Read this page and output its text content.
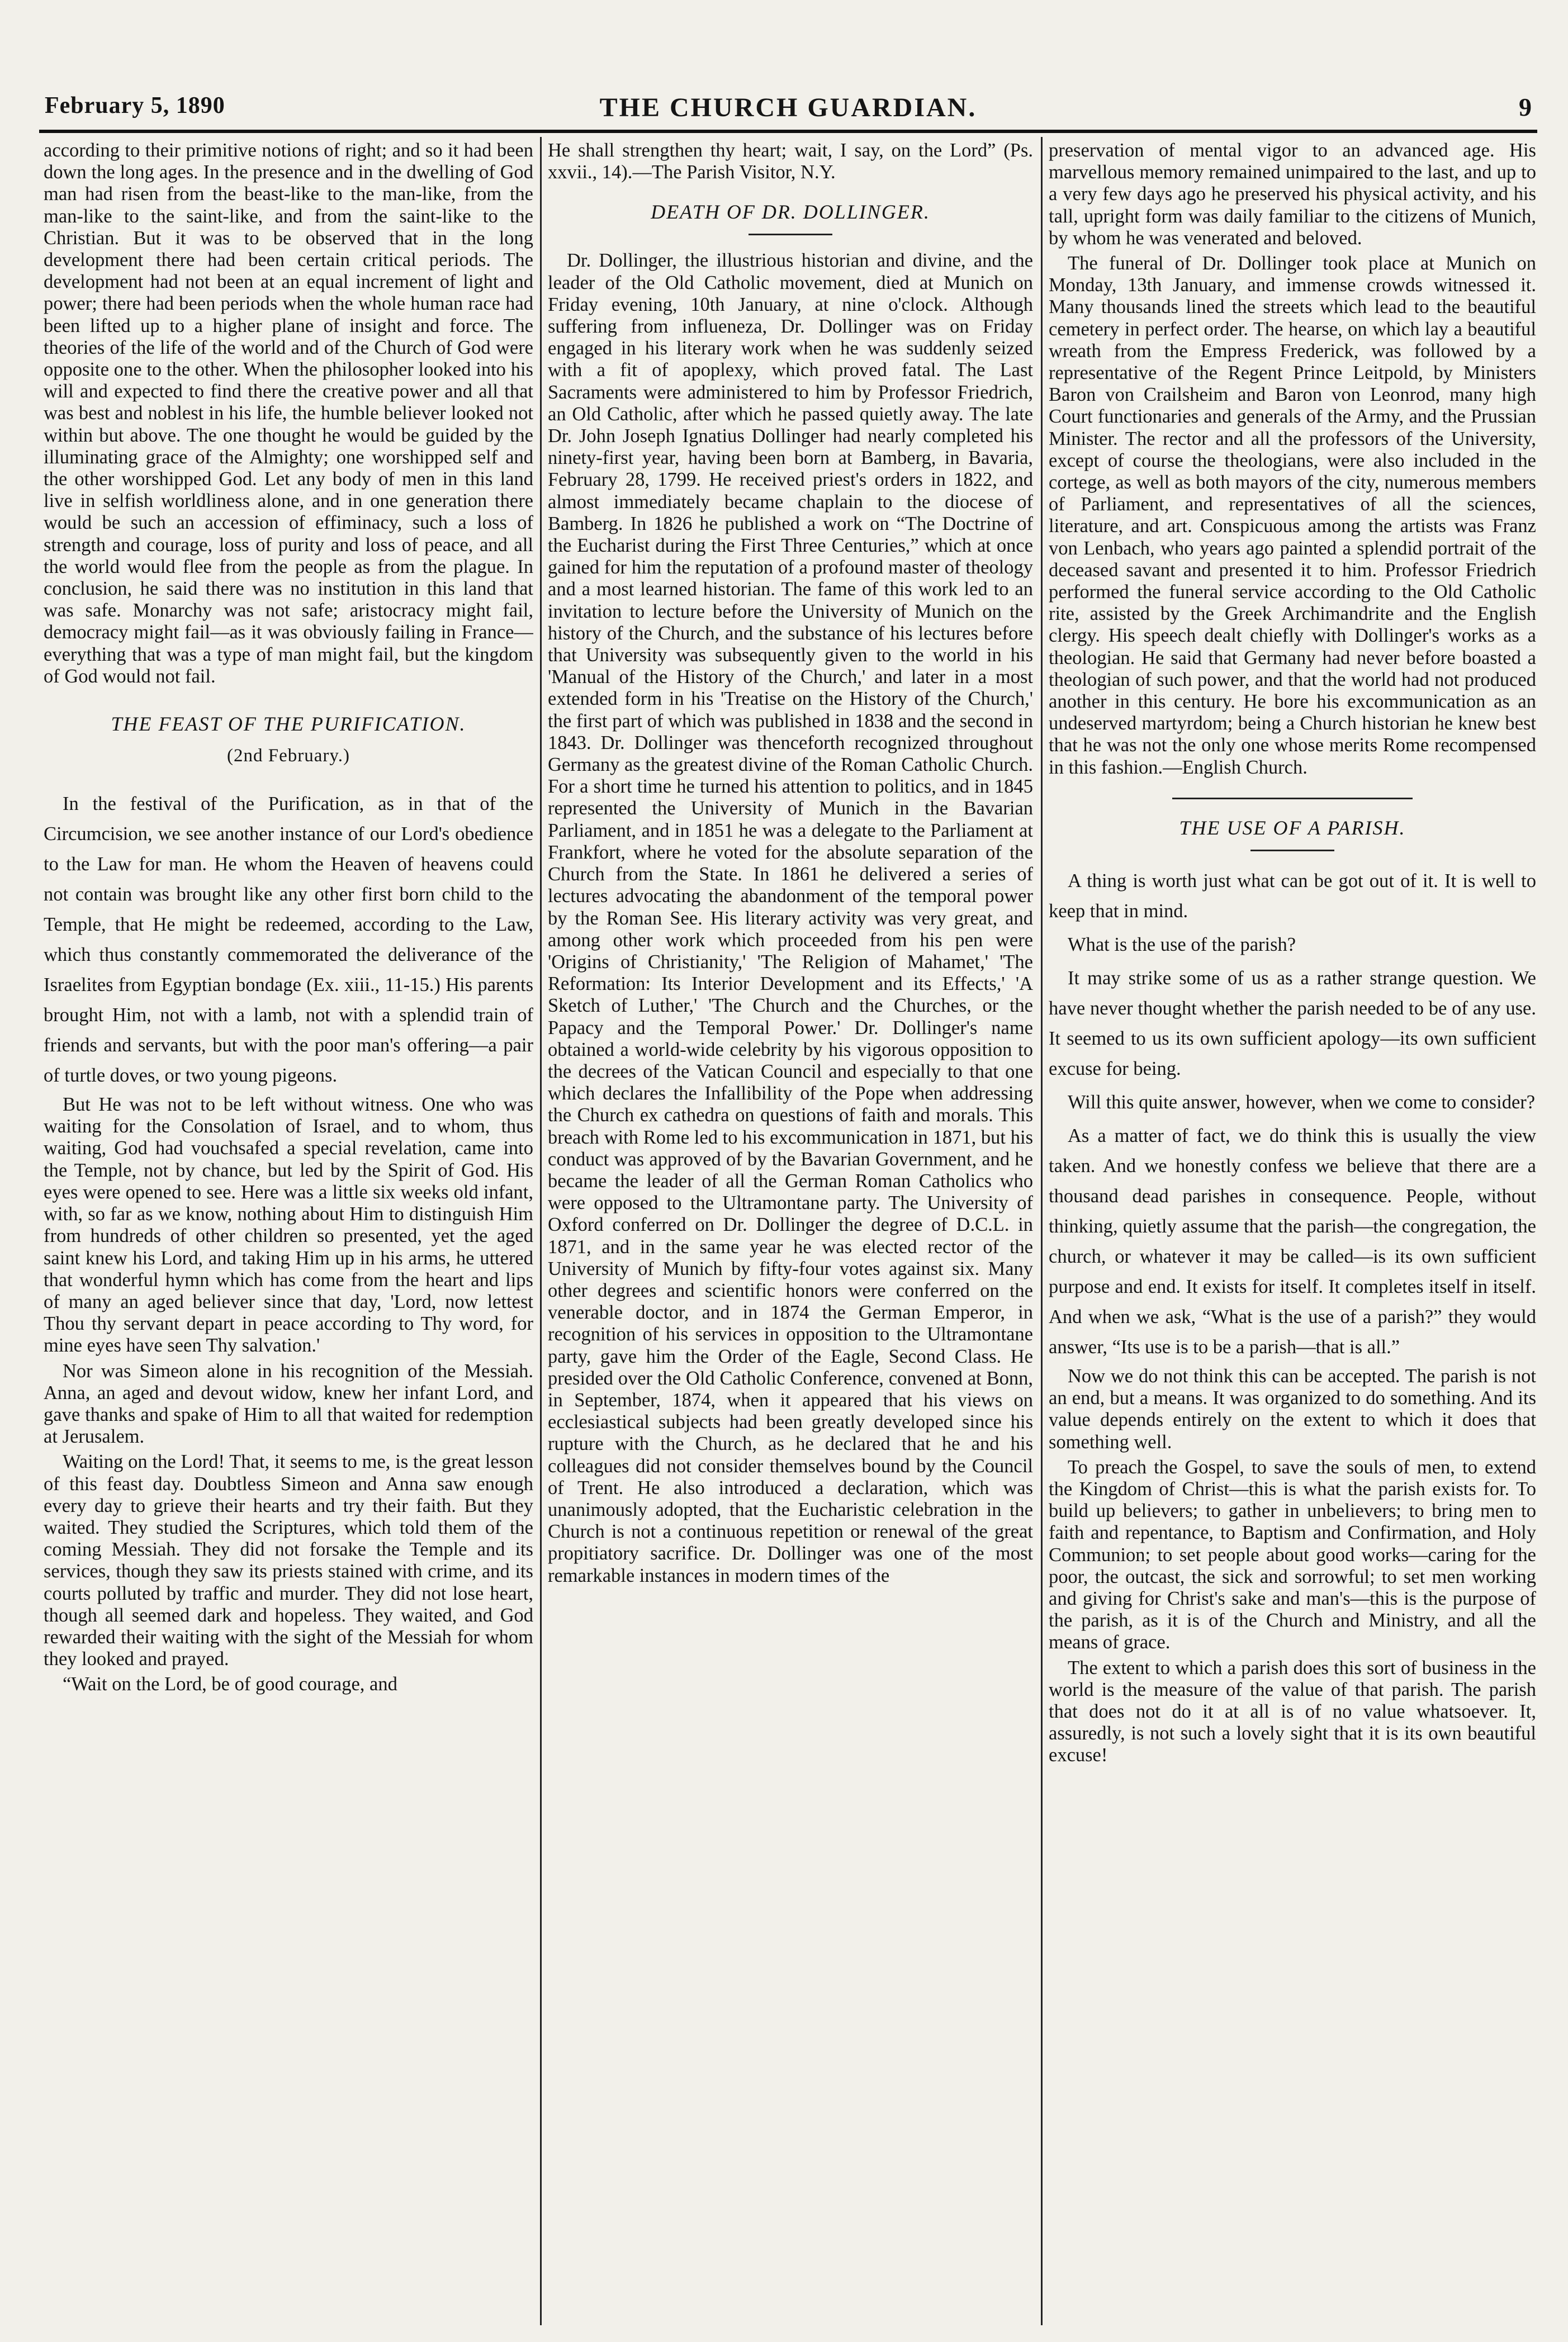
February 5, 1890	THE CHURCH GUARDIAN.	9

according to their primitive notions of right; and so it had been down the long ages. In the presence and in the dwelling of God man had risen from the beast-like to the man-like, from the man-like to the saint-like, and from the saint-like to the Christian. But it was to be observed that in the long development there had been certain critical periods. The development had not been at an equal increment of light and power; there had been periods when the whole human race had been lifted up to a higher plane of insight and force. The theories of the life of the world and of the Church of God were opposite one to the other. When the philosopher looked into his will and expected to find there the creative power and all that was best and noblest in his life, the humble believer looked not within but above. The one thought he would be guided by the illuminating grace of the Almighty; one worshipped self and the other worshipped God. Let any body of men in this land live in selfish worldliness alone, and in one generation there would be such an accession of effiminacy, such a loss of strength and courage, loss of purity and loss of peace, and all the world would flee from the people as from the plague. In conclusion, he said there was no institution in this land that was safe. Monarchy was not safe; aristocracy might fail, democracy might fail—as it was obviously failing in France—everything that was a type of man might fail, but the kingdom of God would not fail.

THE FEAST OF THE PURIFICATION.
(2nd February.)

In the festival of the Purification, as in that of the Circumcision, we see another instance of our Lord's obedience to the Law for man. He whom the Heaven of heavens could not contain was brought like any other first born child to the Temple, that He might be redeemed, according to the Law, which thus constantly commemorated the deliverance of the Israelites from Egyptian bondage (Ex. xiii., 11-15.) His parents brought Him, not with a lamb, not with a splendid train of friends and servants, but with the poor man's offering—a pair of turtle doves, or two young pigeons.

But He was not to be left without witness. One who was waiting for the Consolation of Israel, and to whom, thus waiting, God had vouchsafed a special revelation, came into the Temple, not by chance, but led by the Spirit of God. His eyes were opened to see. Here was a little six weeks old infant, with, so far as we know, nothing about Him to distinguish Him from hundreds of other children so presented, yet the aged saint knew his Lord, and taking Him up in his arms, he uttered that wonderful hymn which has come from the heart and lips of many an aged believer since that day, 'Lord, now lettest Thou thy servant depart in peace according to Thy word, for mine eyes have seen Thy salvation.'

Nor was Simeon alone in his recognition of the Messiah. Anna, an aged and devout widow, knew her infant Lord, and gave thanks and spake of Him to all that waited for redemption at Jerusalem.

Waiting on the Lord! That, it seems to me, is the great lesson of this feast day. Doubtless Simeon and Anna saw enough every day to grieve their hearts and try their faith. But they waited. They studied the Scriptures, which told them of the coming Messiah. They did not forsake the Temple and its services, though they saw its priests stained with crime, and its courts polluted by traffic and murder. They did not lose heart, though all seemed dark and hopeless. They waited, and God rewarded their waiting with the sight of the Messiah for whom they looked and prayed.

“Wait on the Lord, be of good courage, and

He shall strengthen thy heart; wait, I say, on the Lord” (Ps. xxvii., 14).—The Parish Visitor, N.Y.

DEATH OF DR. DOLLINGER.

Dr. Dollinger, the illustrious historian and divine, and the leader of the Old Catholic movement, died at Munich on Friday evening, 10th January, at nine o'clock. Although suffering from influeneza, Dr. Dollinger was on Friday engaged in his literary work when he was suddenly seized with a fit of apoplexy, which proved fatal. The Last Sacraments were administered to him by Professor Friedrich, an Old Catholic, after which he passed quietly away. The late Dr. John Joseph Ignatius Dollinger had nearly completed his ninety-first year, having been born at Bamberg, in Bavaria, February 28, 1799. He received priest's orders in 1822, and almost immediately became chaplain to the diocese of Bamberg. In 1826 he published a work on “The Doctrine of the Eucharist during the First Three Centuries,” which at once gained for him the reputation of a profound master of theology and a most learned historian. The fame of this work led to an invitation to lecture before the University of Munich on the history of the Church, and the substance of his lectures before that University was subsequently given to the world in his 'Manual of the History of the Church,' and later in a most extended form in his 'Treatise on the History of the Church,' the first part of which was published in 1838 and the second in 1843. Dr. Dollinger was thenceforth recognized throughout Germany as the greatest divine of the Roman Catholic Church. For a short time he turned his attention to politics, and in 1845 represented the University of Munich in the Bavarian Parliament, and in 1851 he was a delegate to the Parliament at Frankfort, where he voted for the absolute separation of the Church from the State. In 1861 he delivered a series of lectures advocating the abandonment of the temporal power by the Roman See. His literary activity was very great, and among other work which proceeded from his pen were 'Origins of Christianity,' 'The Religion of Mahamet,' 'The Reformation: Its Interior Development and its Effects,' 'A Sketch of Luther,' 'The Church and the Churches, or the Papacy and the Temporal Power.' Dr. Dollinger's name obtained a world-wide celebrity by his vigorous opposition to the decrees of the Vatican Council and especially to that one which declares the Infallibility of the Pope when addressing the Church ex cathedra on questions of faith and morals. This breach with Rome led to his excommunication in 1871, but his conduct was approved of by the Bavarian Government, and he became the leader of all the German Roman Catholics who were opposed to the Ultramontane party. The University of Oxford conferred on Dr. Dollinger the degree of D.C.L. in 1871, and in the same year he was elected rector of the University of Munich by fifty-four votes against six. Many other degrees and scientific honors were conferred on the venerable doctor, and in 1874 the German Emperor, in recognition of his services in opposition to the Ultramontane party, gave him the Order of the Eagle, Second Class. He presided over the Old Catholic Conference, convened at Bonn, in September, 1874, when it appeared that his views on ecclesiastical subjects had been greatly developed since his rupture with the Church, as he declared that he and his colleagues did not consider themselves bound by the Council of Trent. He also introduced a declaration, which was unanimously adopted, that the Eucharistic celebration in the Church is not a continuous repetition or renewal of the great propitiatory sacrifice. Dr. Dollinger was one of the most remarkable instances in modern times of the

preservation of mental vigor to an advanced age. His marvellous memory remained unimpaired to the last, and up to a very few days ago he preserved his physical activity, and his tall, upright form was daily familiar to the citizens of Munich, by whom he was venerated and beloved.

The funeral of Dr. Dollinger took place at Munich on Monday, 13th January, and immense crowds witnessed it. Many thousands lined the streets which lead to the beautiful cemetery in perfect order. The hearse, on which lay a beautiful wreath from the Empress Frederick, was followed by a representative of the Regent Prince Leitpold, by Ministers Baron von Crailsheim and Baron von Leonrod, many high Court functionaries and generals of the Army, and the Prussian Minister. The rector and all the professors of the University, except of course the theologians, were also included in the cortege, as well as both mayors of the city, numerous members of Parliament, and representatives of all the sciences, literature, and art. Conspicuous among the artists was Franz von Lenbach, who years ago painted a splendid portrait of the deceased savant and presented it to him. Professor Friedrich performed the funeral service according to the Old Catholic rite, assisted by the Greek Archimandrite and the English clergy. His speech dealt chiefly with Dollinger's works as a theologian. He said that Germany had never before boasted a theologian of such power, and that the world had not produced another in this century. He bore his excommunication as an undeserved martyrdom; being a Church historian he knew best that he was not the only one whose merits Rome recompensed in this fashion.—English Church.

THE USE OF A PARISH.

A thing is worth just what can be got out of it. It is well to keep that in mind.

What is the use of the parish?

It may strike some of us as a rather strange question. We have never thought whether the parish needed to be of any use. It seemed to us its own sufficient apology—its own sufficient excuse for being.

Will this quite answer, however, when we come to consider?

As a matter of fact, we do think this is usually the view taken. And we honestly confess we believe that there are a thousand dead parishes in consequence. People, without thinking, quietly assume that the parish—the congregation, the church, or whatever it may be called—is its own sufficient purpose and end. It exists for itself. It completes itself in itself. And when we ask, “What is the use of a parish?” they would answer, “Its use is to be a parish—that is all.”

Now we do not think this can be accepted. The parish is not an end, but a means. It was organized to do something. And its value depends entirely on the extent to which it does that something well.

To preach the Gospel, to save the souls of men, to extend the Kingdom of Christ—this is what the parish exists for. To build up believers; to gather in unbelievers; to bring men to faith and repentance, to Baptism and Confirmation, and Holy Communion; to set people about good works—caring for the poor, the outcast, the sick and sorrowful; to set men working and giving for Christ's sake and man's—this is the purpose of the parish, as it is of the Church and Ministry, and all the means of grace.

The extent to which a parish does this sort of business in the world is the measure of the value of that parish. The parish that does not do it at all is of no value whatsoever. It, assuredly, is not such a lovely sight that it is its own beautiful excuse!
